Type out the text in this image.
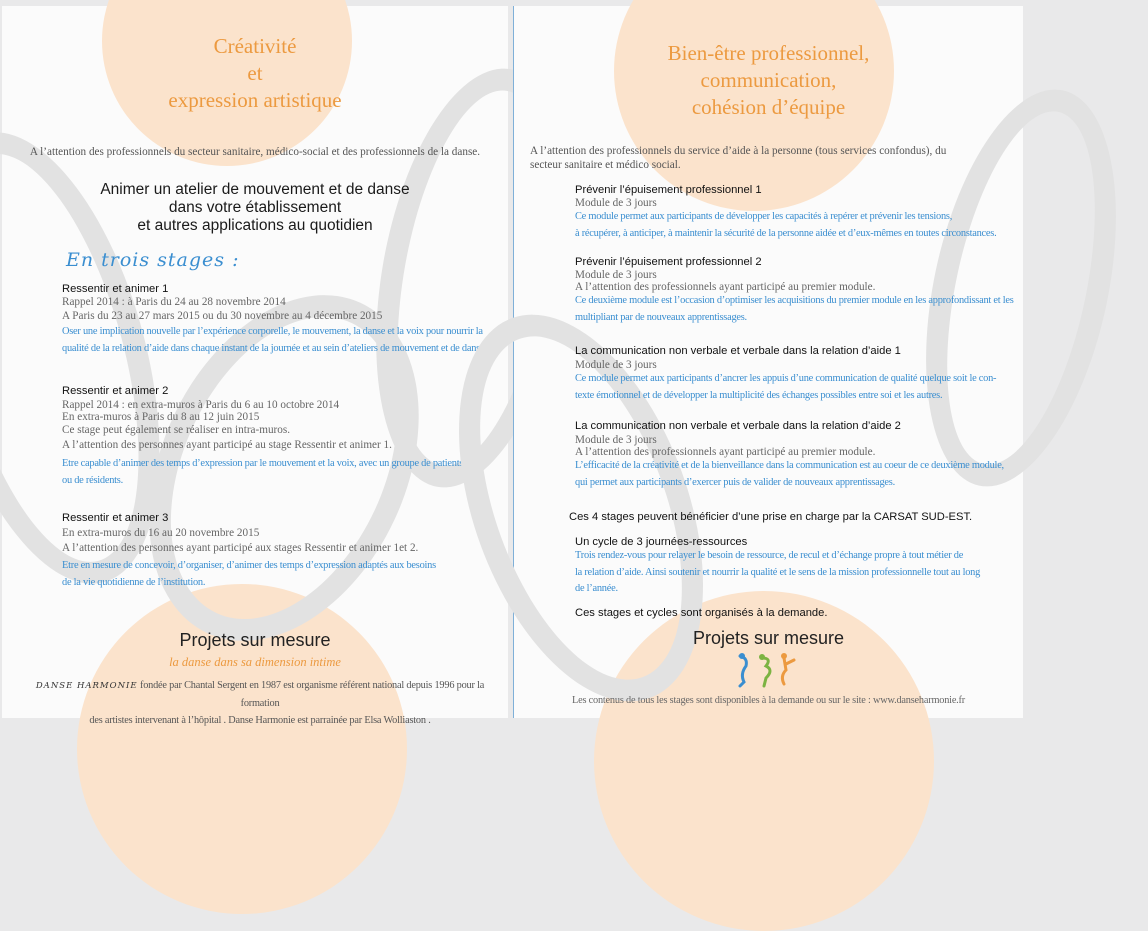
Créativité
et
expression artistique
A l’attention des professionnels du secteur sanitaire, médico-social et des professionnels de la danse.
Animer un atelier de mouvement et de danse
dans votre établissement
et autres applications au quotidien
En trois stages :
Ressentir et animer 1
Rappel 2014 : à Paris du 24 au 28 novembre 2014
A Paris du 23 au 27 mars 2015 ou du 30 novembre au 4 décembre 2015
Oser une implication nouvelle par l’expérience corporelle, le mouvement, la danse et la voix pour nourrir la
qualité de la relation d’aide dans chaque instant de la journée et au sein d’ateliers de mouvement et de danse.
Ressentir et animer 2
Rappel 2014 : en extra-muros à Paris du 6 au 10 octobre 2014
En extra-muros à Paris du 8 au 12 juin 2015
Ce stage peut également se réaliser en intra-muros.
A l’attention des personnes ayant participé au stage Ressentir et animer 1.
Etre capable d’animer des temps d’expression par le mouvement et la voix, avec un groupe de patients
ou de résidents.
Ressentir et animer 3
En extra-muros du 16 au 20 novembre 2015
A l’attention des personnes ayant participé aux stages Ressentir et animer 1et 2.
Etre en mesure de concevoir, d’organiser, d’animer des temps d’expression adaptés aux besoins
de la vie quotidienne de l’institution.
Projets sur mesure
la danse dans sa dimension intime
DANSE HARMONIE fondée par Chantal Sergent en 1987 est organisme référent national depuis 1996 pour la formation
des artistes intervenant à l’hôpital . Danse Harmonie est parrainée par Elsa Wolliaston .
Bien-être professionnel,
communication,
cohésion d’équipe
A l’attention des professionnels du service d’aide à la personne (tous services confondus), du
secteur sanitaire et médico social.
Prévenir l’épuisement professionnel 1
Module de 3 jours
Ce module permet aux participants de développer les capacités à repérer et prévenir les tensions,
à récupérer, à anticiper, à maintenir la sécurité de la personne aidée et d’eux-mêmes en toutes circonstances.
Prévenir l’épuisement professionnel 2
Module de 3 jours
A l’attention des professionnels ayant participé au premier module.
Ce deuxième module est l’occasion d’optimiser les acquisitions du premier module en les approfondissant et les
multipliant par de nouveaux apprentissages.
La communication non verbale et verbale dans la relation d’aide 1
Module de 3 jours
Ce module permet aux participants d’ancrer les appuis d’une communication de qualité quelque soit le con-
texte émotionnel et de développer la multiplicité des échanges possibles entre soi et les autres.
La communication non verbale et verbale dans la relation d’aide 2
Module de 3 jours
A l’attention des professionnels ayant participé au premier module.
L’efficacité de la créativité et de la bienveillance dans la communication est au coeur de ce deuxième module,
qui permet aux participants d’exercer puis de valider de nouveaux apprentissages.
Ces 4 stages peuvent bénéficier d’une prise en charge par la CARSAT SUD-EST.
Un cycle de 3 journées-ressources
Trois rendez-vous pour relayer le besoin de ressource, de recul et d’échange propre à tout métier de
la relation d’aide. Ainsi soutenir et nourrir la qualité et le sens de la mission professionnelle tout au long
de l’année.
Ces stages et cycles sont organisés à la demande.
Projets sur mesure
Les contenus de tous les stages sont disponibles à la demande ou sur le site : www.danseharmonie.fr
